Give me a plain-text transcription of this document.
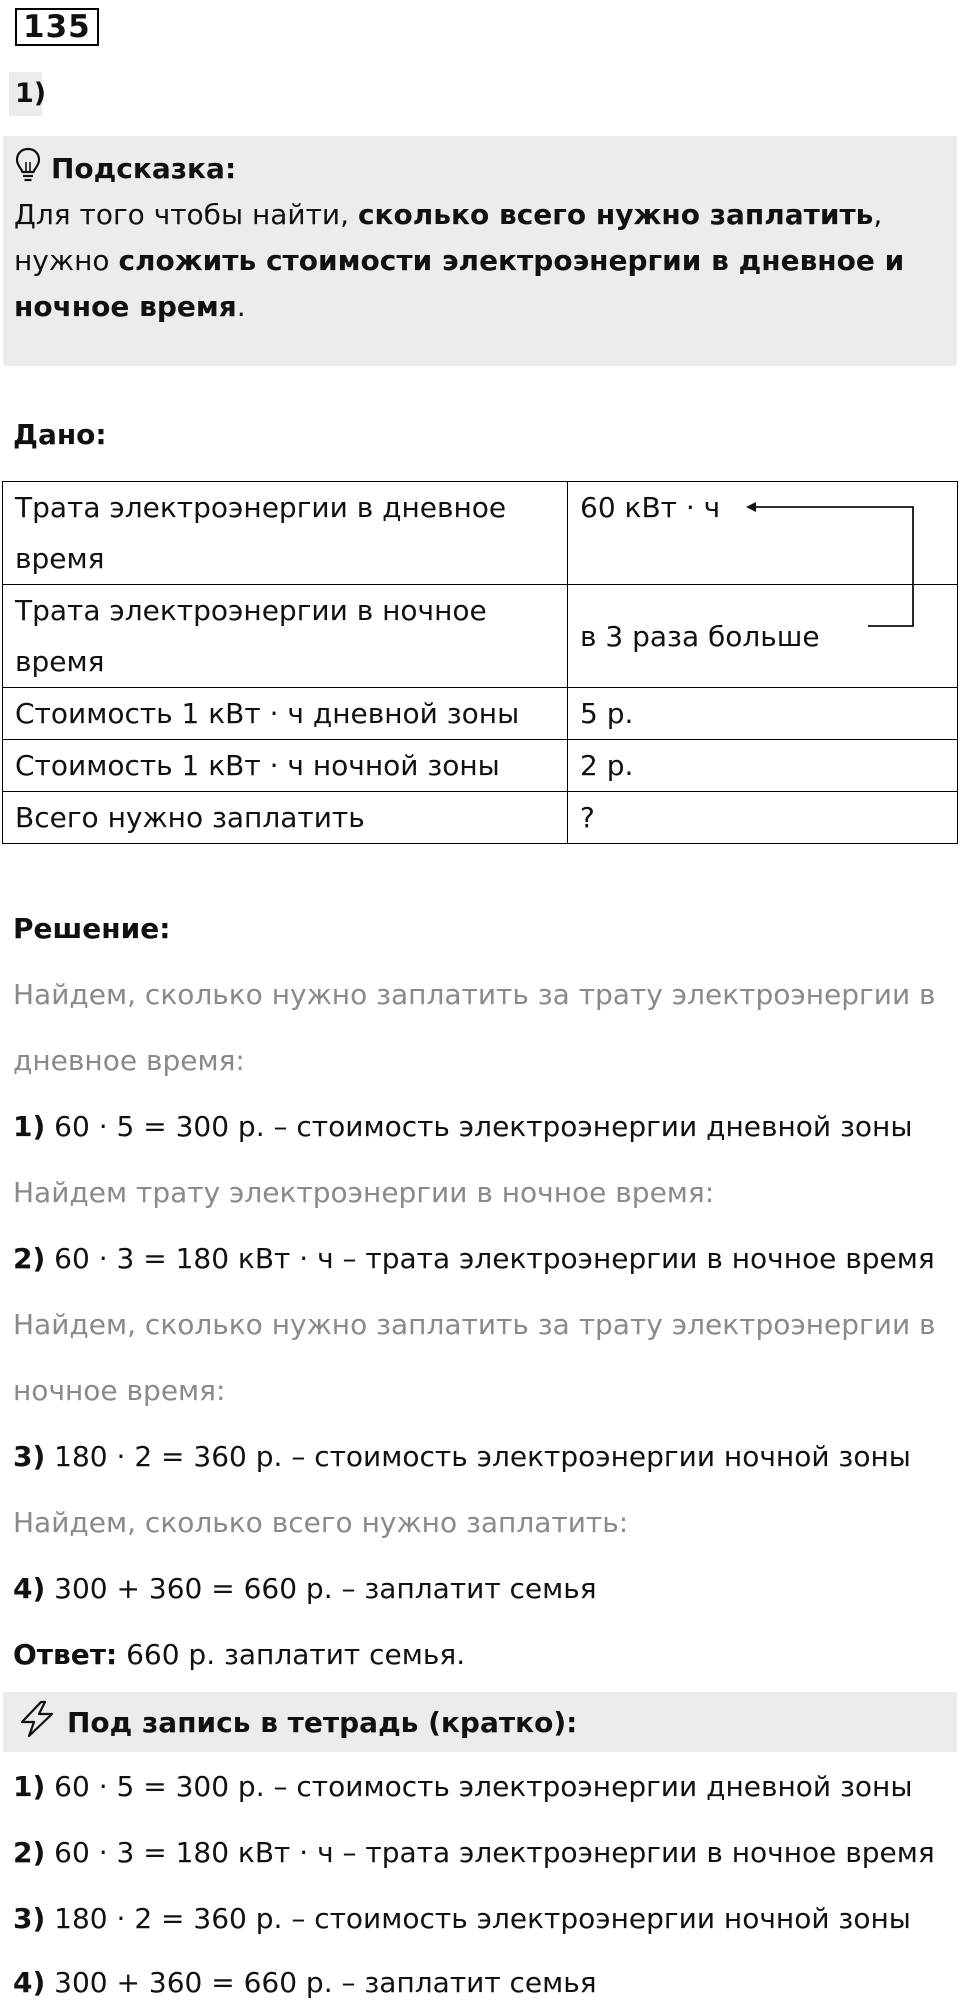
135
1)
Подсказка:
Для того чтобы найти, сколько всего нужно заплатить,
нужно сложить стоимости электроэнергии в дневное и
ночное время.
Дано:
Трата электроэнергии в дневное
время	60 кВт · ч
Трата электроэнергии в ночное
время	в 3 раза больше
Стоимость 1 кВт · ч дневной зоны	5 р.
Стоимость 1 кВт · ч ночной зоны	2 р.
Всего нужно заплатить	?
Решение:
Найдем, сколько нужно заплатить за трату электроэнергии в
дневное время:
1) 60 · 5 = 300 р. – стоимость электроэнергии дневной зоны
Найдем трату электроэнергии в ночное время:
2) 60 · 3 = 180 кВт · ч – трата электроэнергии в ночное время
Найдем, сколько нужно заплатить за трату электроэнергии в
ночное время:
3) 180 · 2 = 360 р. – стоимость электроэнергии ночной зоны
Найдем, сколько всего нужно заплатить:
4) 300 + 360 = 660 р. – заплатит семья
Ответ: 660 р. заплатит семья.
Под запись в тетрадь (кратко):
1) 60 · 5 = 300 р. – стоимость электроэнергии дневной зоны
2) 60 · 3 = 180 кВт · ч – трата электроэнергии в ночное время
3) 180 · 2 = 360 р. – стоимость электроэнергии ночной зоны
4) 300 + 360 = 660 р. – заплатит семья
